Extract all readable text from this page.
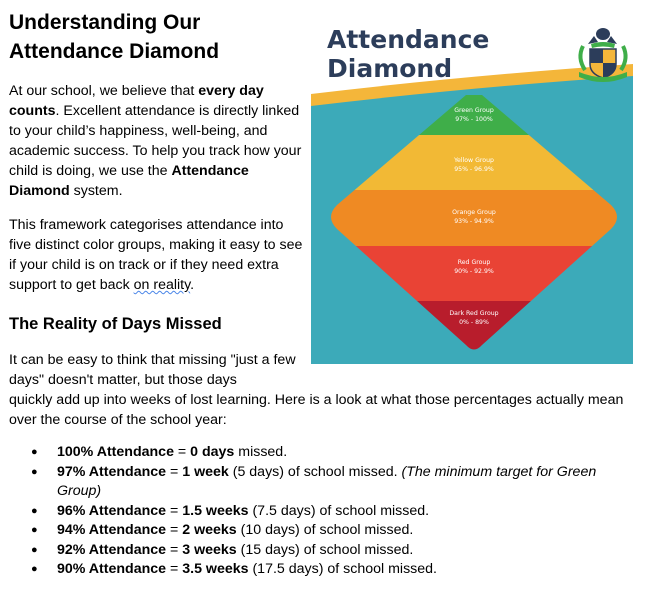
Understanding Our Attendance Diamond

At our school, we believe that every day counts. Excellent attendance is directly linked to your child’s happiness, well-being, and academic success. To help you track how your child is doing, we use the Attendance Diamond system.

This framework categorises attendance into five distinct color groups, making it easy to see if your child is on track or if they need extra support to get back on reality.

The Reality of Days Missed

It can be easy to think that missing "just a few days" doesn't matter, but those days
quickly add up into weeks of lost learning. Here is a look at what those percentages actually mean over the course of the school year:

● 100% Attendance = 0 days missed.
● 97% Attendance = 1 week (5 days) of school missed. (The minimum target for Green Group)
● 96% Attendance = 1.5 weeks (7.5 days) of school missed.
● 94% Attendance = 2 weeks (10 days) of school missed.
● 92% Attendance = 3 weeks (15 days) of school missed.
● 90% Attendance = 3.5 weeks (17.5 days) of school missed.
Attendance
Diamond
Green Group
97% - 100%
Yellow Group
95% - 96.9%
Orange Group
93% - 94.9%
Red Group
90% - 92.9%
Dark Red Group
0% - 89%
